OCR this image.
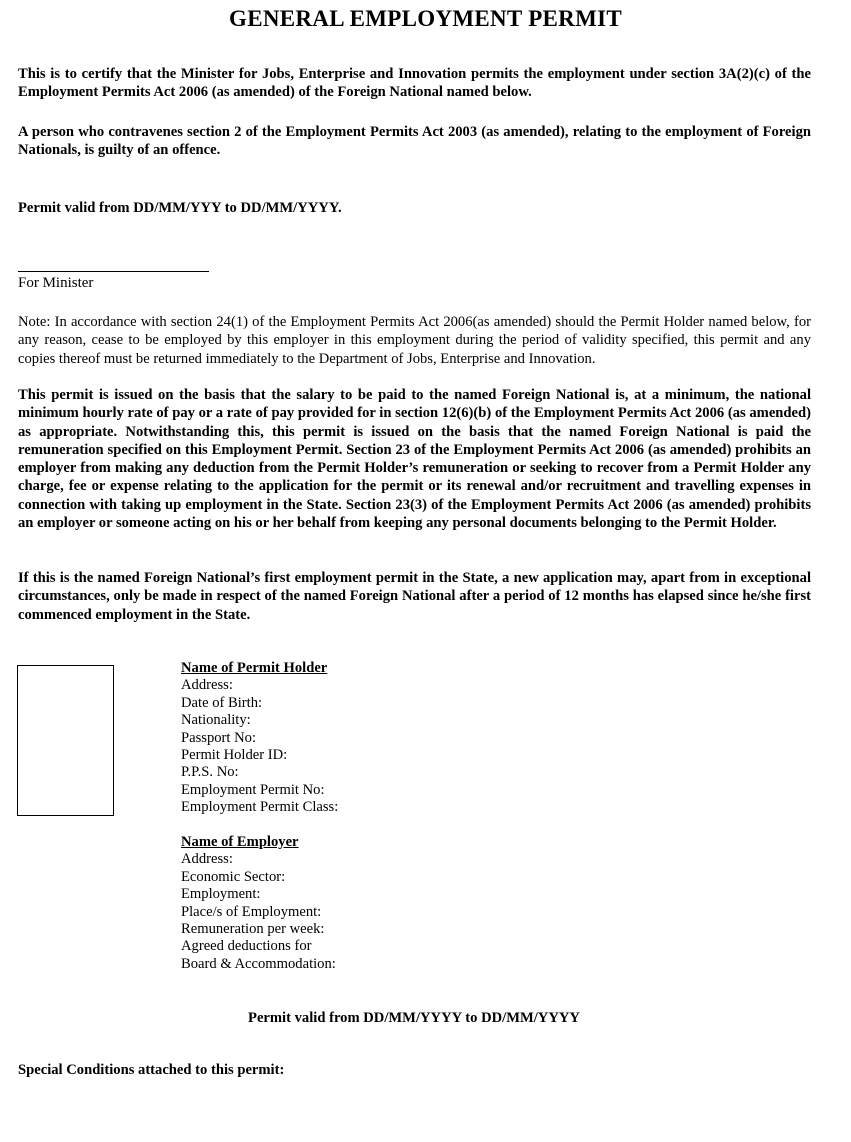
GENERAL EMPLOYMENT PERMIT

This is to certify that the Minister for Jobs, Enterprise and Innovation permits the employment under section 3A(2)(c) of the Employment Permits Act 2006 (as amended) of the Foreign National named below.

A person who contravenes section 2 of the Employment Permits Act 2003 (as amended), relating to the employment of Foreign Nationals, is guilty of an offence.

Permit valid from DD/MM/YYY to DD/MM/YYYY.

For Minister

Note: In accordance with section 24(1) of the Employment Permits Act 2006(as amended) should the Permit Holder named below, for any reason, cease to be employed by this employer in this employment during the period of validity specified, this permit and any copies thereof must be returned immediately to the Department of Jobs, Enterprise and Innovation.

This permit is issued on the basis that the salary to be paid to the named Foreign National is, at a minimum, the national minimum hourly rate of pay or a rate of pay provided for in section 12(6)(b) of the Employment Permits Act 2006 (as amended) as appropriate. Notwithstanding this, this permit is issued on the basis that the named Foreign National is paid the remuneration specified on this Employment Permit. Section 23 of the Employment Permits Act 2006 (as amended) prohibits an employer from making any deduction from the Permit Holder’s remuneration or seeking to recover from a Permit Holder any charge, fee or expense relating to the application for the permit or its renewal and/or recruitment and travelling expenses in connection with taking up employment in the State. Section 23(3) of the Employment Permits Act 2006 (as amended) prohibits an employer or someone acting on his or her behalf from keeping any personal documents belonging to the Permit Holder.

If this is the named Foreign National’s first employment permit in the State, a new application may, apart from in exceptional circumstances, only be made in respect of the named Foreign National after a period of 12 months has elapsed since he/she first commenced employment in the State.

Name of Permit Holder
Address:
Date of Birth:
Nationality:
Passport No:
Permit Holder ID:
P.P.S. No:
Employment Permit No:
Employment Permit Class:
Name of Employer
Address:
Economic Sector:
Employment:
Place/s of Employment:
Remuneration per week:
Agreed deductions for
Board & Accommodation:
Permit valid from DD/MM/YYYY to DD/MM/YYYY
Special Conditions attached to this permit:
